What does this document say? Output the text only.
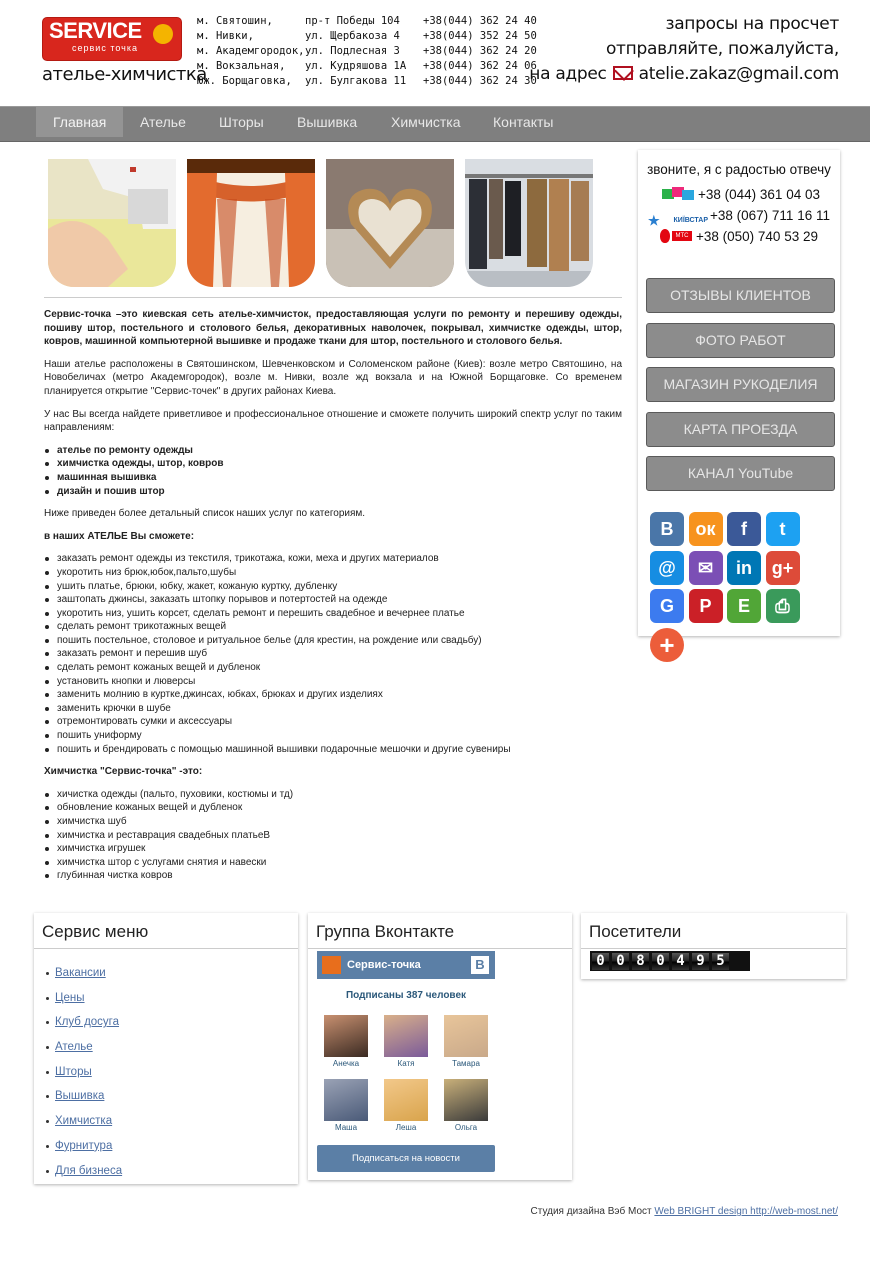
SERVICE
сервис точка
ателье-химчистка
м. Святошин,	пр-т Победы 104	+38(044) 362 24 40
м. Нивки,	ул. Щербакоза 4	+38(044) 352 24 50
м. Академгородок, ул. Подлесная 3	+38(044) 362 24 20
м. Вокзальная,	ул. Кудряшова 1А	+38(044) 362 24 06
Юж. Борщаговка,	ул. Булгакова 11	+38(044) 362 24 30
запросы на просчет
отправляйте, пожалуйста,
на адрес atelie.zakaz@gmail.com
Главная	Ателье	Шторы	Вышивка	Химчистка	Контакты

Сервис-точка –это киевская сеть ателье-химчисток, предоставляющая услуги по ремонту и перешиву одежды, пошиву штор, постельного и столового белья, декоративных наволочек, покрывал, химчистке одежды, штор, ковров, машинной компьютерной вышивке и продаже ткани для штор, постельного и столового белья.

Наши ателье расположены в Святошинском, Шевченковском и Соломенском районе (Киев): возле метро Святошино, на Новобеличах (метро Академгородок), возле м. Нивки, возле жд вокзала и на Южной Борщаговке. Со временем планируется открытие "Сервис-точек" в других районах Киева.

У нас Вы всегда найдете приветливое и профессиональное отношение и сможете получить широкий спектр услуг по таким направлениям:

ателье по ремонту одежды
химчистка одежды, штор, ковров
машинная вышивка
дизайн и пошив штор

Ниже приведен более детальный список наших услуг по категориям.

в наших АТЕЛЬЕ Вы сможете:

заказать ремонт одежды из текстиля, трикотажа, кожи, меха и других материалов
укоротить низ брюк,юбок,пальто,шубы
ушить платье, брюки, юбку, жакет, кожаную куртку, дубленку
заштопать джинсы, заказать штопку порывов и потертостей на одежде
укоротить низ, ушить корсет, сделать ремонт и перешить свадебное и вечернее платье
сделать ремонт трикотажных вещей
пошить постельное, столовое и ритуальное белье (для крестин, на рождение или свадьбу)
заказать ремонт и перешив шуб
сделать ремонт кожаных вещей и дубленок
установить кнопки и люверсы
заменить молнию в куртке,джинсах, юбках, брюках и других изделиях
заменить крючки в шубе
отремонтировать сумки и аксессуары
пошить униформу
пошить и брендировать с помощью машинной вышивки подарочные мешочки и другие сувениры

Химчистка "Сервис-точка" -это:

хичистка одежды (пальто, пуховики, костюмы и тд)
обновление кожаных вещей и дубленок
химчистка шуб
химчистка и реставрация свадебных платьеВ
химчистка игрушек
химчистка штор с услугами снятия и навески
глубинная чистка ковров
звоните, я с радостью отвечу
+38 (044) 361 04 03
★ КИЇВСТАР +38 (067) 711 16 11
МТС +38 (050) 740 53 29
ОТЗЫВЫ КЛИЕНТОВ
ФОТО РАБОТ
МАГАЗИН РУКОДЕЛИЯ
КАРТА ПРОЕЗДА
КАНАЛ YouTube
B	ок	f	t
@	✉	in	g+
G	P	E	⎙
+
Сервис меню
Вакансии
Цены
Клуб досуга
Ателье
Шторы
Вышивка
Химчистка
Фурнитура
Для бизнеса
Группа Вконтакте
Сервис-точка	B
Подписаны 387 человек
Анечка	Катя	Тамара
Маша	Леша	Ольга
Подписаться на новости
Посетители
0 0 8 0 4 9 5
Студия дизайна Вэб Мост Web BRIGHT design http://web-most.net/
